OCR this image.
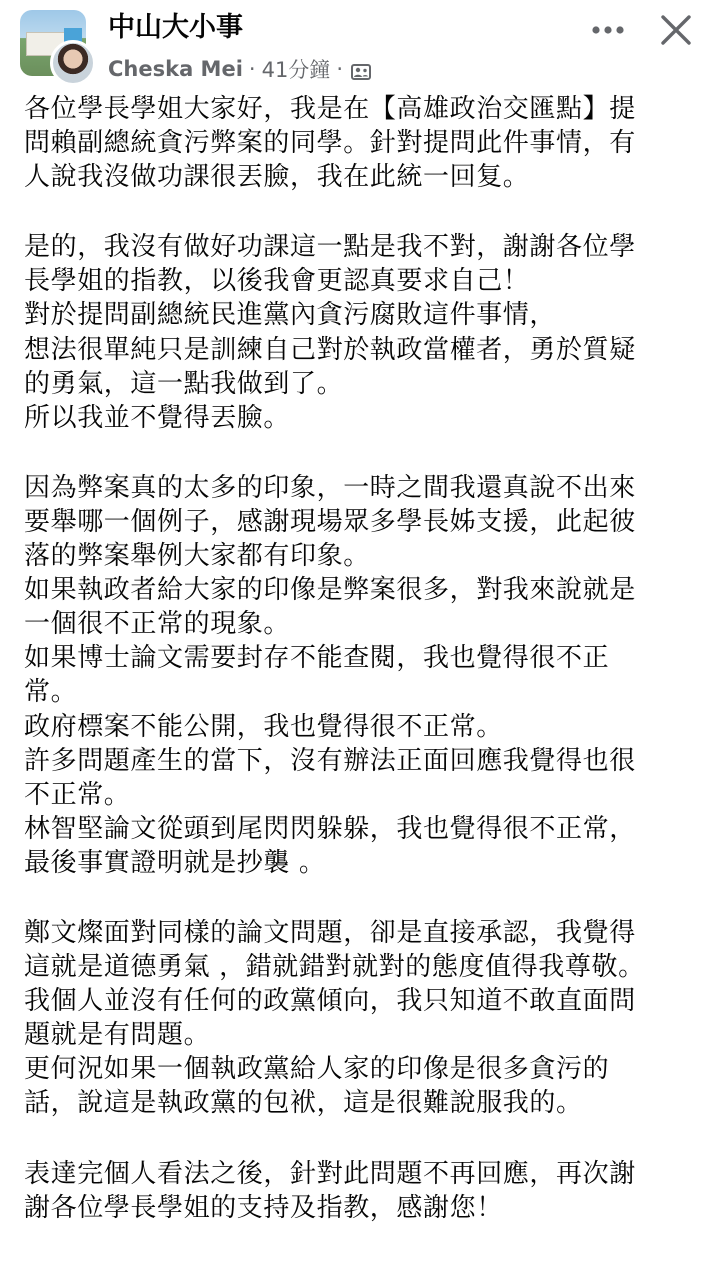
中山大小事
Cheska Mei · 41分鐘 ·
各位學長學姐大家好，我是在【高雄政治交匯點】提
問賴副總統貪污弊案的同學。針對提問此件事情，有
人說我沒做功課很丟臉，我在此統一回复。
是的，我沒有做好功課這一點是我不對，謝謝各位學
長學姐的指教，以後我會更認真要求自己！
對於提問副總統民進黨內貪污腐敗這件事情，
想法很單純只是訓練自己對於執政當權者，勇於質疑
的勇氣，這一點我做到了。
所以我並不覺得丟臉。
因為弊案真的太多的印象，一時之間我還真說不出來
要舉哪一個例子，感謝現場眾多學長姊支援，此起彼
落的弊案舉例大家都有印象。
如果執政者給大家的印像是弊案很多，對我來說就是
一個很不正常的現象。
如果博士論文需要封存不能查閱，我也覺得很不正
常。
政府標案不能公開，我也覺得很不正常。
許多問題產生的當下，沒有辦法正面回應我覺得也很
不正常。
林智堅論文從頭到尾閃閃躲躲，我也覺得很不正常，
最後事實證明就是抄襲 。
鄭文燦面對同樣的論文問題，卻是直接承認，我覺得
這就是道德勇氣 ，錯就錯對就對的態度值得我尊敬。
我個人並沒有任何的政黨傾向，我只知道不敢直面問
題就是有問題。
更何況如果一個執政黨給人家的印像是很多貪污的
話，說這是執政黨的包袱，這是很難說服我的。
表達完個人看法之後，針對此問題不再回應，再次謝
謝各位學長學姐的支持及指教，感謝您！
